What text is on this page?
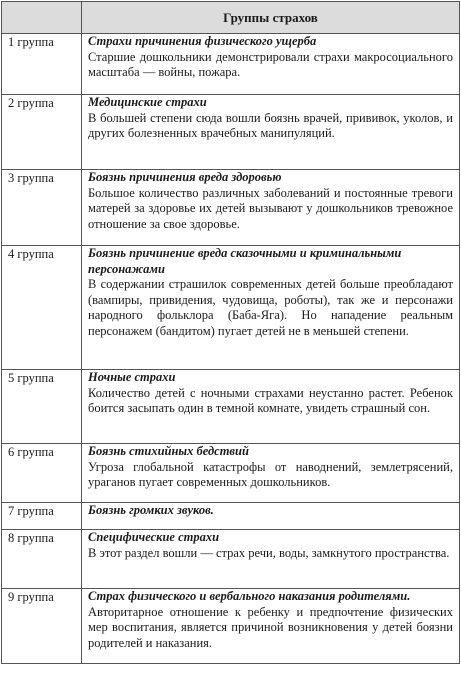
	Группы страхов
1 группа	Страхи причинения физического ущерба
Старшие дошкольники демонстрировали страхи макросоциального масштаба — войны, пожара.

2 группа	Медицинские страхи
В большей степени сюда вошли боязнь врачей, прививок, уколов, и других болезненных врачебных манипуляций.

3 группа	Боязнь причинения вреда здоровью
Большое количество различных заболеваний и постоянные тревоги матерей за здоровье их детей вызывают у дошкольников тревожное отношение за свое здоровье.

4 группа	Боязнь причинение вреда сказочными и криминальными персонажами
В содержании страшилок современных детей больше преобладают (вампиры, привидения, чудовища, роботы), так же и персонажи народного фольклора (Баба-Яга). Но нападение реальным персонажем (бандитом) пугает детей не в меньшей степени.

5 группа	Ночные страхи
Количество детей с ночными страхами неустанно растет. Ребенок боится засыпать один в темной комнате, увидеть страшный сон.

6 группа	Боязнь стихийных бедствий
Угроза глобальной катастрофы от наводнений, землетрясений, ураганов пугает современных дошкольников.

7 группа	Боязнь громких звуков.

8 группа	Специфические страхи
В этот раздел вошли — страх речи, воды, замкнутого пространства.

9 группа	Страх физического и вербального наказания родителями.
Авторитарное отношение к ребенку и предпочтение физических мер воспитания, является причиной возникновения у детей боязни родителей и наказания.
